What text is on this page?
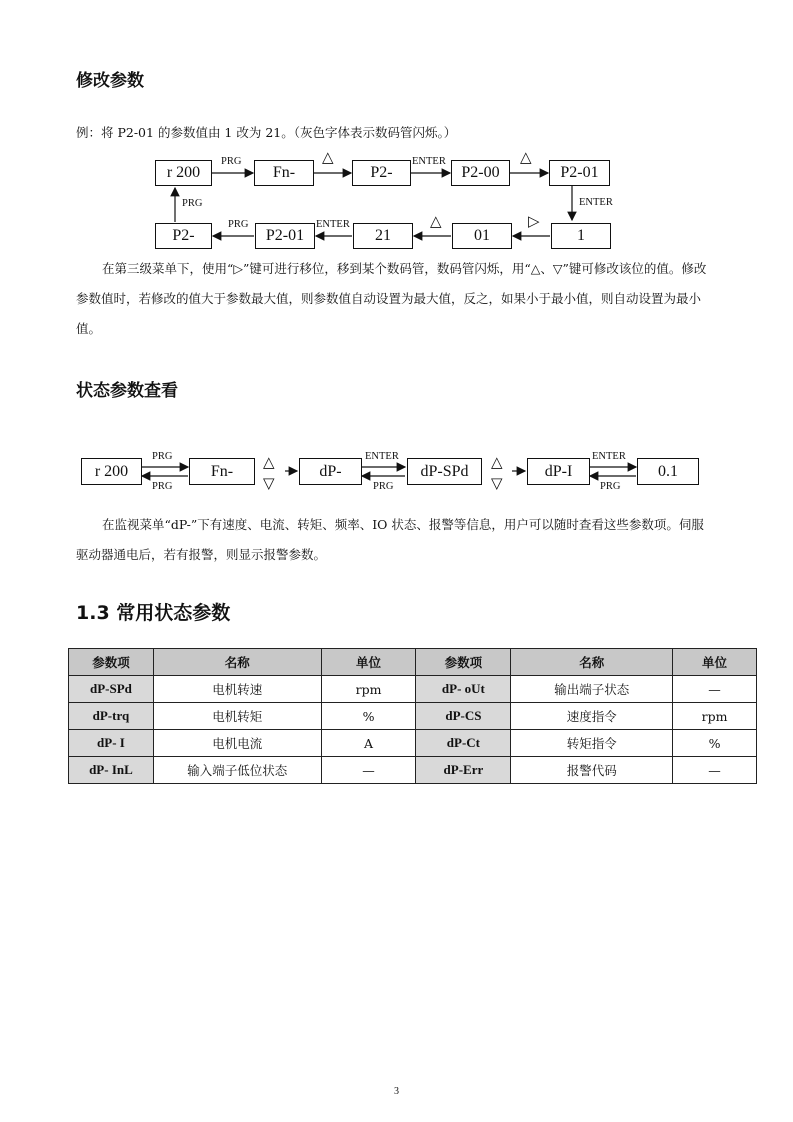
修改参数
例：将 P2-01 的参数值由 1 改为 21。（灰色字体表示数码管闪烁。）
r 200	Fn-	P2-	P2-00	P2-01
P2-	P2-01	21	01	1
PRG	△	ENTER	△
ENTER
▷
△
ENTER
PRG
PRG
在第三级菜单下，使用“▷”键可进行移位，移到某个数码管，数码管闪烁，用“△、▽”键可修改该位的值。修改参数值时，若修改的值大于参数最大值，则参数值自动设置为最大值，反之，如果小于最小值，则自动设置为最小值。
状态参数查看
r 200	Fn-	dP-	dP-SPd	dP-I	0.1
PRG
PRG
△
▽
ENTER
PRG
△
▽
ENTER
PRG
在监视菜单“dP-”下有速度、电流、转矩、频率、IO 状态、报警等信息，用户可以随时查看这些参数项。伺服驱动器通电后，若有报警，则显示报警参数。
1.3 常用状态参数
参数项	名称	单位	参数项	名称	单位
dP-SPd	电机转速	rpm	dP- oUt	输出端子状态	—
dP-trq	电机转矩	%	dP-CS	速度指令	rpm
dP- I	电机电流	A	dP-Ct	转矩指令	%
dP- InL	输入端子低位状态	—	dP-Err	报警代码	—
3
